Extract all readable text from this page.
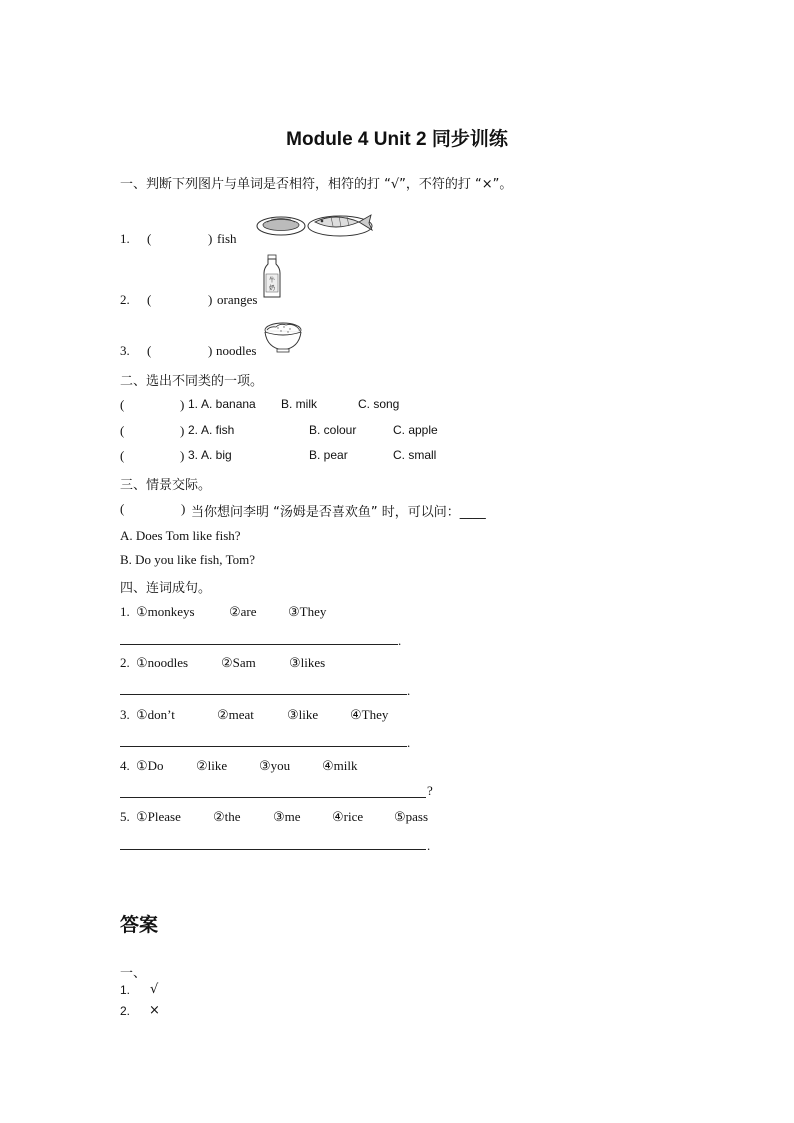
Module 4 Unit 2 同步训练
一、判断下列图片与单词是否相符，相符的打 “√”，不符的打 “×”。
1. (	) fish
2. (	) oranges
牛
奶
3. (	) noodles
二、选出不同类的一项。
(	) 1. A. banana B. milk	C. song
(	) 2. A. fish	B. colour	C. apple
(	) 3. A. big	B. pear	C. small
三、情景交际。
(	) 当你想问李明 “汤姆是否喜欢鱼” 时，可以问：____
A. Does Tom like fish?
B. Do you like fish, Tom?
四、连词成句。
1. ①monkeys	②are ③They
.
2. ①noodles	②Sam	③likes
.
3. ①don’t	②meat	③like ④They
.
4. ①Do ②like ③you ④milk
?
5. ①Please ②the ③me ④rice ⑤pass
.
答案
一、
1. √
2. ×
